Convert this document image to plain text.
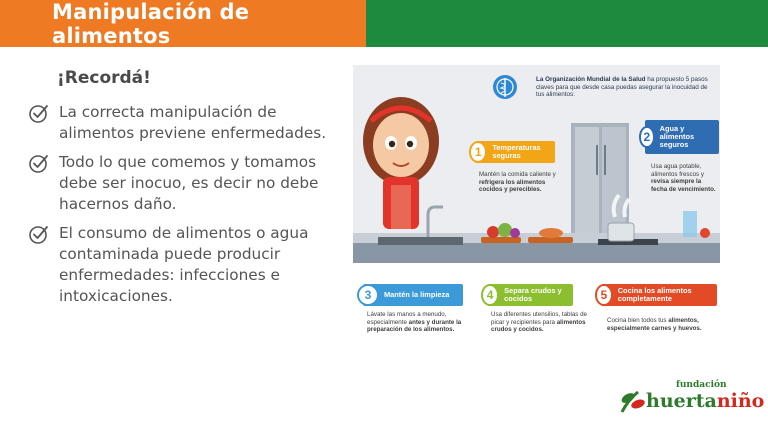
Manipulación de alimentos
¡Recordá!
La correcta manipulación de alimentos previene enfermedades.
Todo lo que comemos y tomamos debe ser inocuo, es decir no debe hacernos daño.
El consumo de alimentos o agua contaminada puede producir enfermedades: infecciones e intoxicaciones.
La Organización Mundial de la Salud ha propuesto 5 pasos claves para que desde casa puedas asegurar la inocuidad de tus alimentos:
1	Temperaturas seguras
Mantén la comida caliente y refrigera los alimentos cocidos y perecibles.
2
Agua y alimentos seguros
Usa agua potable, alimentos frescos y revisa siempre la fecha de vencimiento.
3	Mantén la limpieza
Lávate las manos a menudo, especialmente antes y durante la preparación de los alimentos.
4	Separa crudos y cocidos
Usa diferentes utensilios, tablas de picar y recipientes para alimentos crudos y cocidos.
5	Cocina los alimentos completamente
Cocina bien todos tus alimentos, especialmente carnes y huevos.
fundación
huertaniño
